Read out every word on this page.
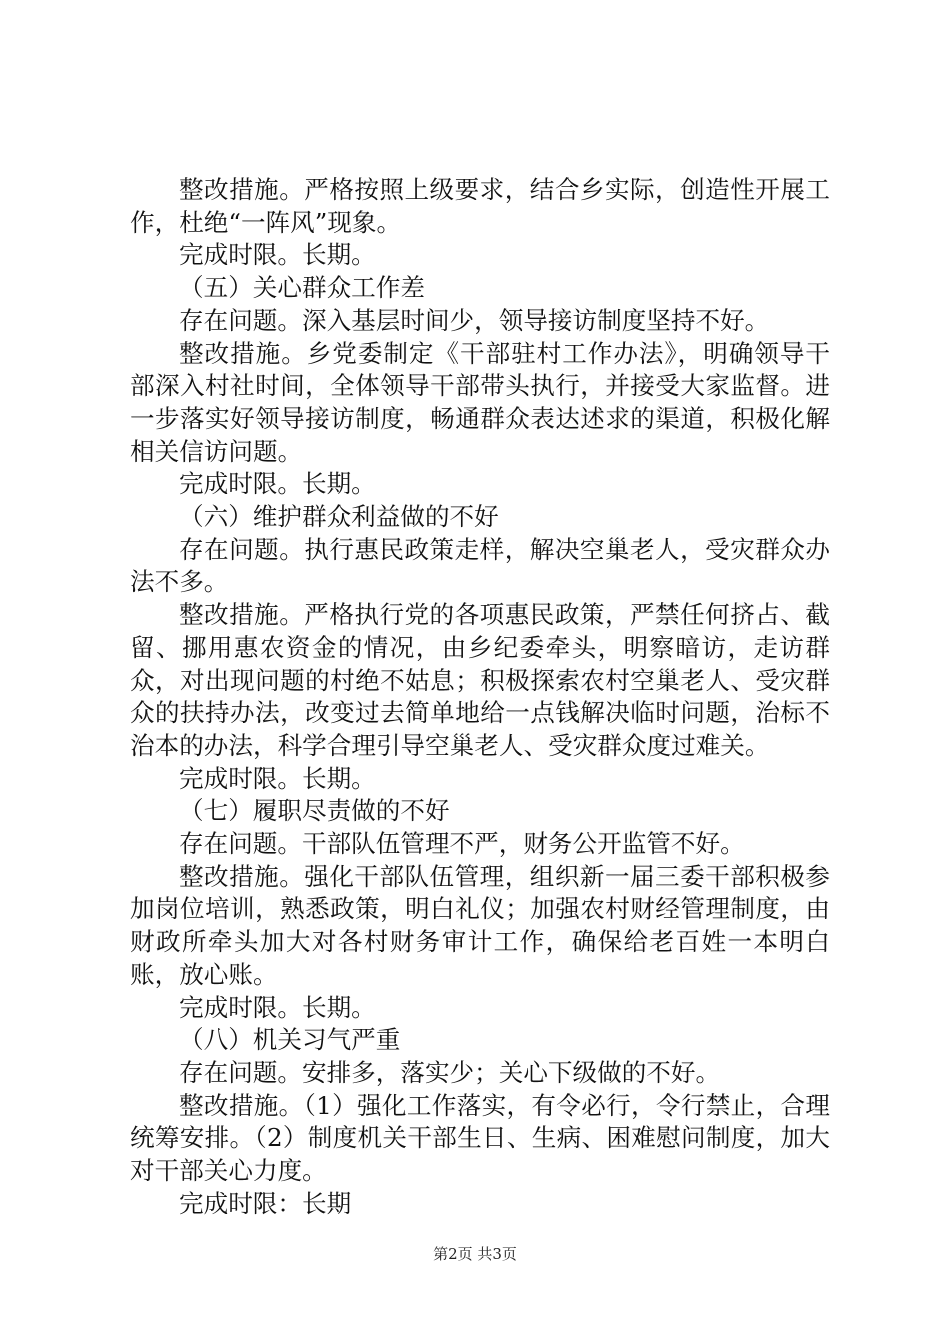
整改措施。严格按照上级要求，结合乡实际，创造性开展工作，杜绝“一阵风”现象。

完成时限。长期。

（五）关心群众工作差

存在问题。深入基层时间少，领导接访制度坚持不好。

整改措施。乡党委制定《干部驻村工作办法》，明确领导干部深入村社时间，全体领导干部带头执行，并接受大家监督。进一步落实好领导接访制度，畅通群众表达述求的渠道，积极化解相关信访问题。

完成时限。长期。

（六）维护群众利益做的不好

存在问题。执行惠民政策走样，解决空巢老人，受灾群众办法不多。

整改措施。严格执行党的各项惠民政策，严禁任何挤占、截留、挪用惠农资金的情况，由乡纪委牵头，明察暗访，走访群众，对出现问题的村绝不姑息；积极探索农村空巢老人、受灾群众的扶持办法，改变过去简单地给一点钱解决临时问题，治标不治本的办法，科学合理引导空巢老人、受灾群众度过难关。

完成时限。长期。

（七）履职尽责做的不好

存在问题。干部队伍管理不严，财务公开监管不好。

整改措施。强化干部队伍管理，组织新一届三委干部积极参加岗位培训，熟悉政策，明白礼仪；加强农村财经管理制度，由财政所牵头加大对各村财务审计工作，确保给老百姓一本明白账，放心账。

完成时限。长期。

（八）机关习气严重

存在问题。安排多，落实少；关心下级做的不好。

整改措施。（1）强化工作落实，有令必行，令行禁止，合理统筹安排。（2）制度机关干部生日、生病、困难慰问制度，加大对干部关心力度。

完成时限：长期

第2页 共3页
